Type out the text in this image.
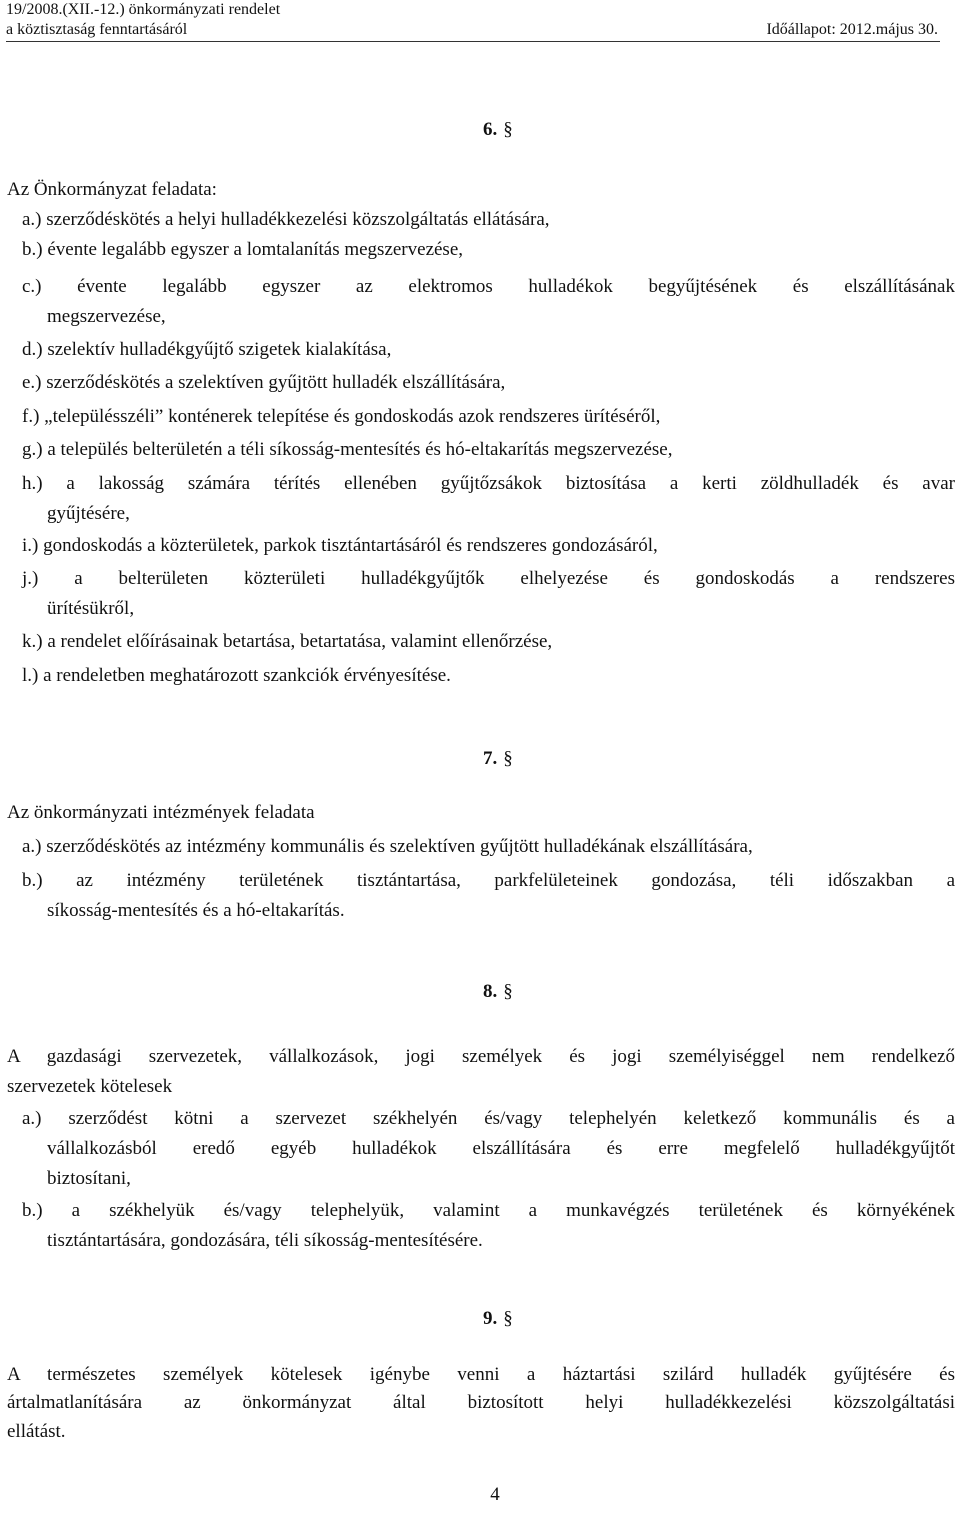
19/2008.(XII.-12.) önkormányzati rendelet
a köztisztaság fenntartásáról	Időállapot: 2012.május 30.
6. §
Az Önkormányzat feladata:
a.) szerződéskötés a helyi hulladékkezelési közszolgáltatás ellátására,
b.) évente legalább egyszer a lomtalanítás megszervezése,
c.) évente legalább egyszer az elektromos hulladékok begyűjtésének és elszállításának
megszervezése,
d.) szelektív hulladékgyűjtő szigetek kialakítása,
e.) szerződéskötés a szelektíven gyűjtött hulladék elszállítására,
f.) „településszéli” konténerek telepítése és gondoskodás azok rendszeres ürítéséről,
g.) a település belterületén a téli síkosság-mentesítés és hó-eltakarítás megszervezése,
h.) a lakosság számára térítés ellenében gyűjtőzsákok biztosítása a kerti zöldhulladék és avar
gyűjtésére,
i.) gondoskodás a közterületek, parkok tisztántartásáról és rendszeres gondozásáról,
j.) a belterületen közterületi hulladékgyűjtők elhelyezése és gondoskodás a rendszeres
ürítésükről,
k.) a rendelet előírásainak betartása, betartatása, valamint ellenőrzése,
l.) a rendeletben meghatározott szankciók érvényesítése.
7. §
Az önkormányzati intézmények feladata
a.) szerződéskötés az intézmény kommunális és szelektíven gyűjtött hulladékának elszállítására,
b.) az intézmény területének tisztántartása, parkfelületeinek gondozása, téli időszakban a
síkosság-mentesítés és a hó-eltakarítás.
8. §
A gazdasági szervezetek, vállalkozások, jogi személyek és jogi személyiséggel nem rendelkező
szervezetek kötelesek
a.) szerződést kötni a szervezet székhelyén és/vagy telephelyén keletkező kommunális és a
vállalkozásból eredő egyéb hulladékok elszállítására és erre megfelelő hulladékgyűjtőt
biztosítani,
b.) a székhelyük és/vagy telephelyük, valamint a munkavégzés területének és környékének
tisztántartására, gondozására, téli síkosság-mentesítésére.
9. §
A természetes személyek kötelesek igénybe venni a háztartási szilárd hulladék gyűjtésére és
ártalmatlanítására az önkormányzat által biztosított helyi hulladékkezelési közszolgáltatási
ellátást.
4
